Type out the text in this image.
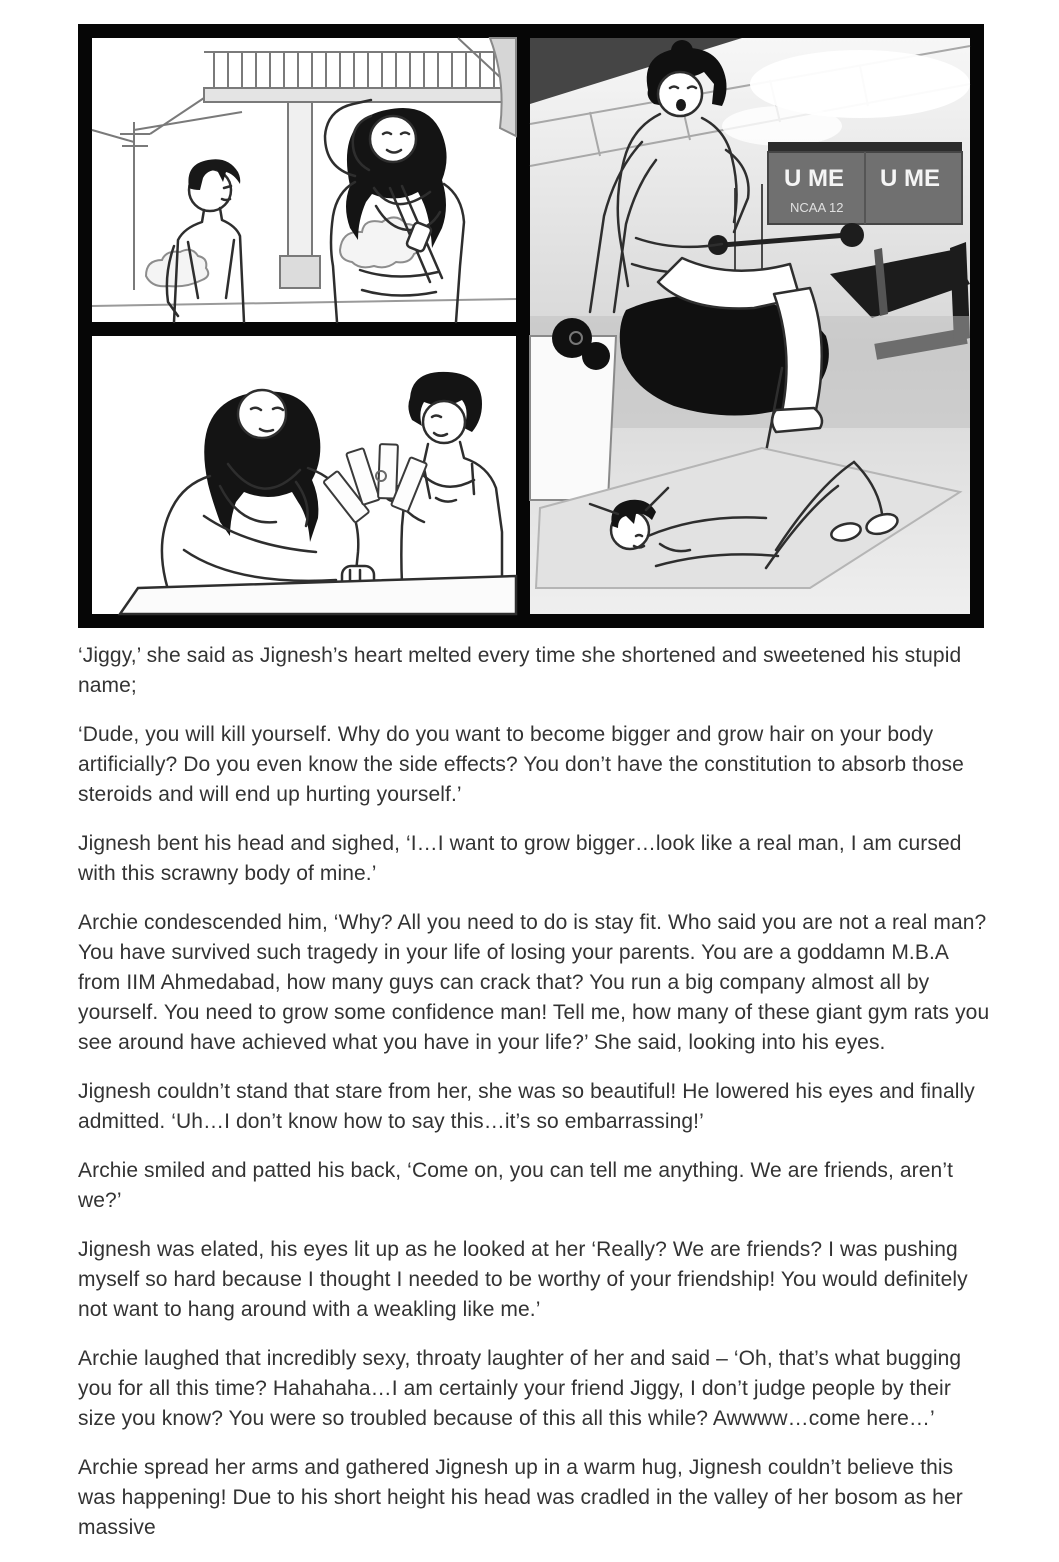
U ME U ME
NCAA 12

‘Jiggy,’ she said as Jignesh’s heart melted every time she shortened and sweetened his stupid name;

‘Dude, you will kill yourself. Why do you want to become bigger and grow hair on your body artificially? Do you even know the side effects? You don’t have the constitution to absorb those steroids and will end up hurting yourself.’

Jignesh bent his head and sighed, ‘I…I want to grow bigger…look like a real man, I am cursed with this scrawny body of mine.’

Archie condescended him, ‘Why? All you need to do is stay fit. Who said you are not a real man? You have survived such tragedy in your life of losing your parents. You are a goddamn M.B.A from IIM Ahmedabad, how many guys can crack that? You run a big company almost all by yourself. You need to grow some confidence man! Tell me, how many of these giant gym rats you see around have achieved what you have in your life?’ She said, looking into his eyes.

Jignesh couldn’t stand that stare from her, she was so beautiful! He lowered his eyes and finally admitted. ‘Uh…I don’t know how to say this…it’s so embarrassing!’

Archie smiled and patted his back, ‘Come on, you can tell me anything. We are friends, aren’t we?’

Jignesh was elated, his eyes lit up as he looked at her ‘Really? We are friends? I was pushing myself so hard because I thought I needed to be worthy of your friendship! You would definitely not want to hang around with a weakling like me.’

Archie laughed that incredibly sexy, throaty laughter of her and said – ‘Oh, that’s what bugging you for all this time? Hahahaha…I am certainly your friend Jiggy, I don’t judge people by their size you know? You were so troubled because of this all this while? Awwww…come here…’

Archie spread her arms and gathered Jignesh up in a warm hug, Jignesh couldn’t believe this was happening! Due to his short height his head was cradled in the valley of her bosom as her massive
